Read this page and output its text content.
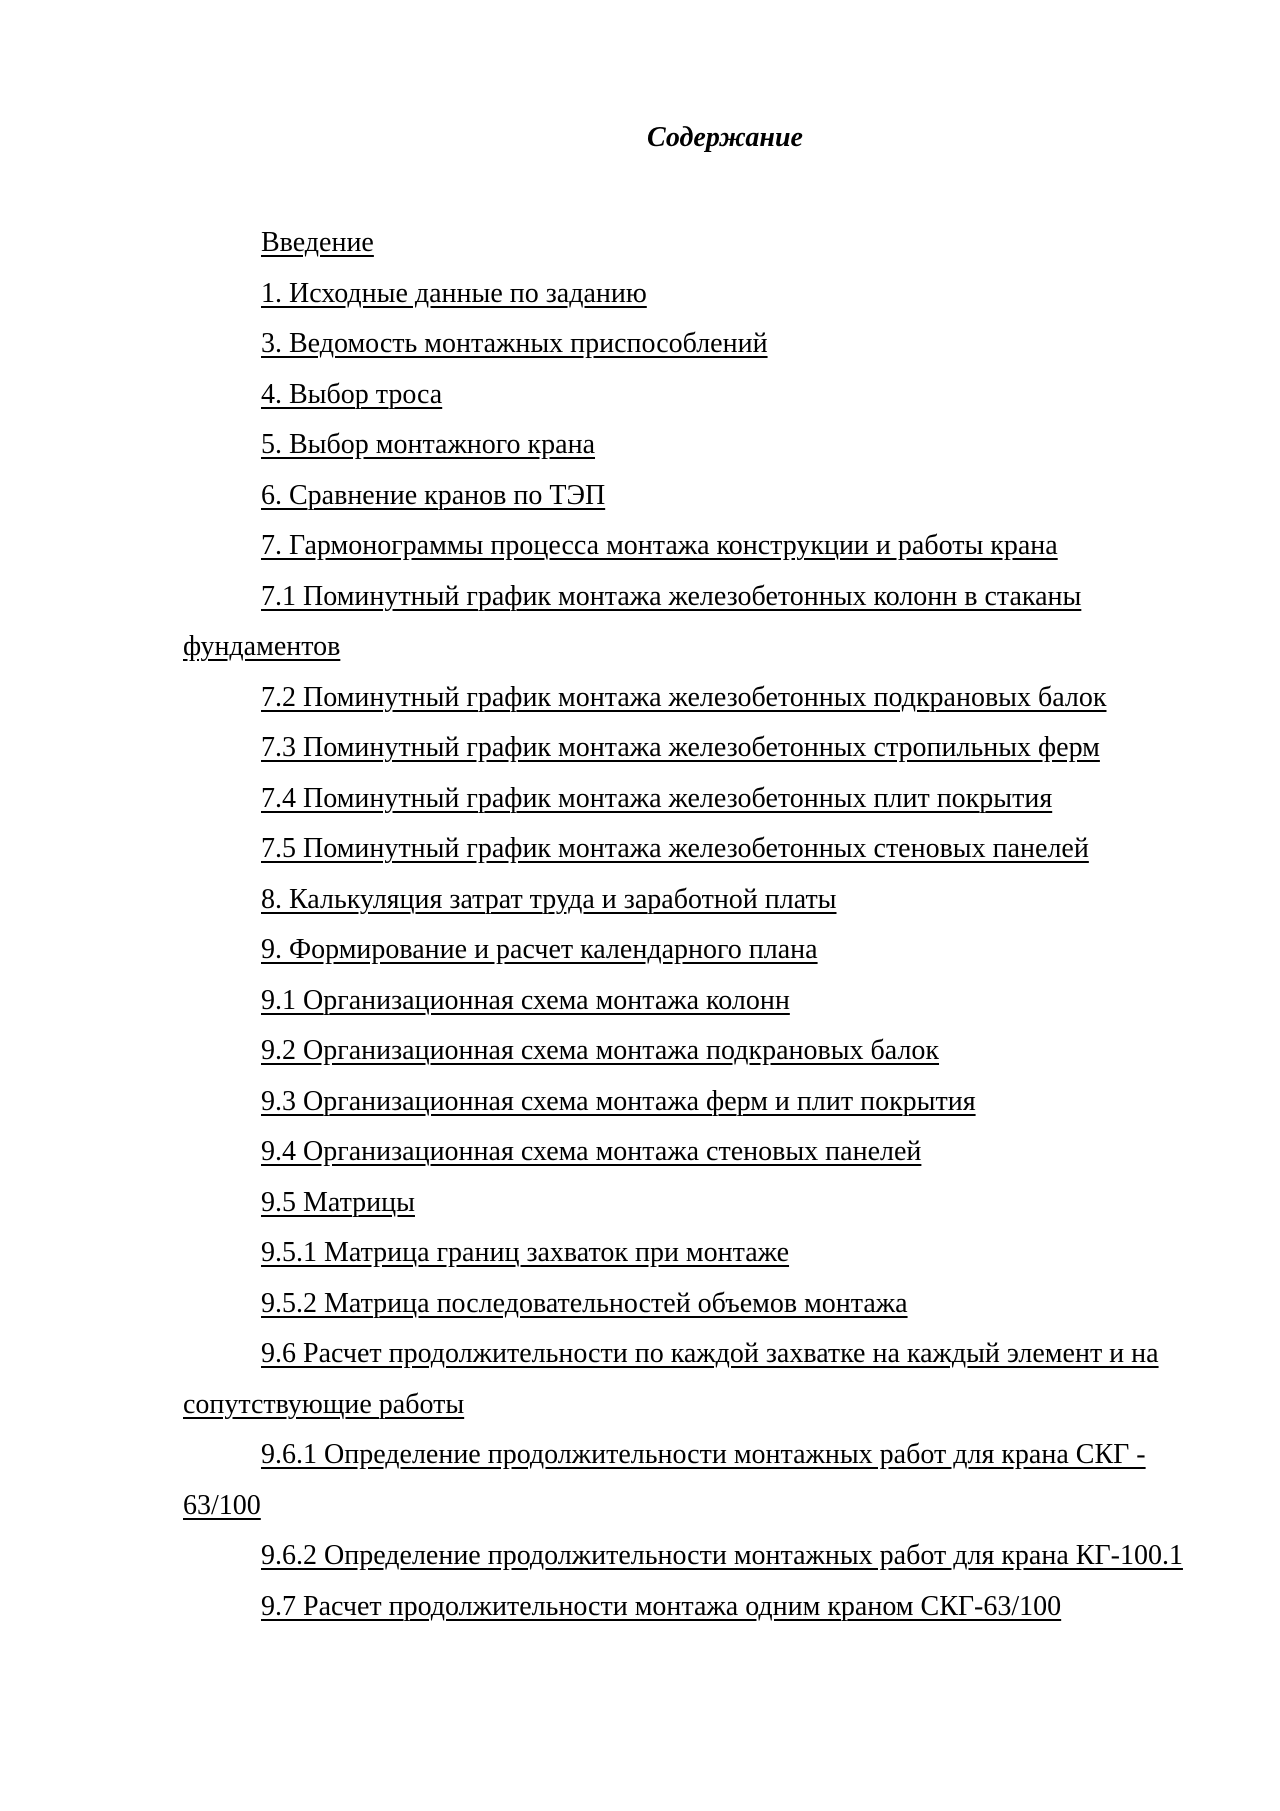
Содержание
Введение
1. Исходные данные по заданию
3. Ведомость монтажных приспособлений
4. Выбор троса
5. Выбор монтажного крана
6. Сравнение кранов по ТЭП
7. Гармонограммы процесса монтажа конструкции и работы крана
7.1 Поминутный график монтажа железобетонных колонн в стаканы фундаментов
7.2 Поминутный график монтажа железобетонных подкрановых балок
7.3 Поминутный график монтажа железобетонных стропильных ферм
7.4 Поминутный график монтажа железобетонных плит покрытия
7.5 Поминутный график монтажа железобетонных стеновых панелей
8. Калькуляция затрат труда и заработной платы
9. Формирование и расчет календарного плана
9.1 Организационная схема монтажа колонн
9.2 Организационная схема монтажа подкрановых балок
9.3 Организационная схема монтажа ферм и плит покрытия
9.4 Организационная схема монтажа стеновых панелей
9.5 Матрицы
9.5.1 Матрица границ захваток при монтаже
9.5.2 Матрица последовательностей объемов монтажа
9.6 Расчет продолжительности по каждой захватке на каждый элемент и на сопутствующие работы
9.6.1 Определение продолжительности монтажных работ для крана СКГ - 63/100
9.6.2 Определение продолжительности монтажных работ для крана КГ-100.1
9.7 Расчет продолжительности монтажа одним краном СКГ-63/100
